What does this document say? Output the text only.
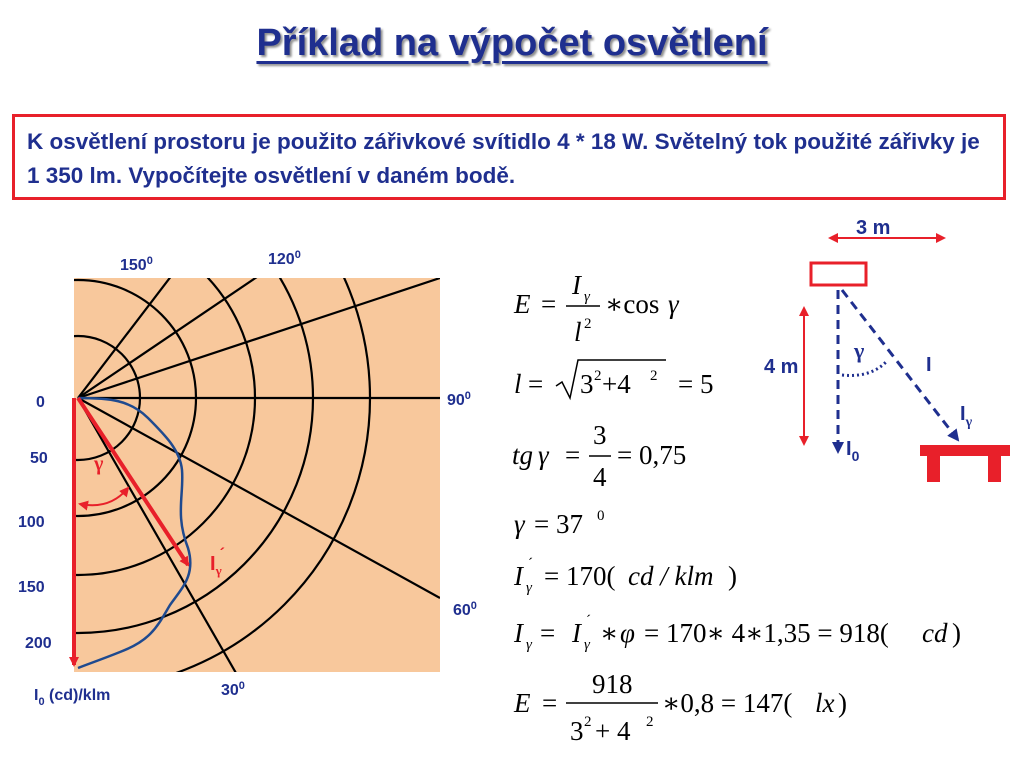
Příklad na výpočet osvětlení
K osvětlení prostoru je použito zářivkové svítidlo 4 * 18 W. Světelný tok použité zářivky je 1 350 lm. Vypočítejte osvětlení v daném bodě.
γ
$I_\gamma´$
$150^0$	$120^0$
$90^0$
$60^0$
$30^0$
0
50
100
150
200
$I_0$ (cd)/klm
E =
I γ
l 2
∗cos γ
l = 3 2 +4 2 = 5
tg γ =
3
4
= 0,75
γ = 37 0
I γ
´ = 170( cd / klm )
I γ = I γ
´ ∗ φ = 170∗ 4∗1,35 = 918( cd )
E =
918
3 2 + 4 2
∗0,8 = 147( lx )
3 m
4 m
γ
I
$I_\gamma$
$I_0$
